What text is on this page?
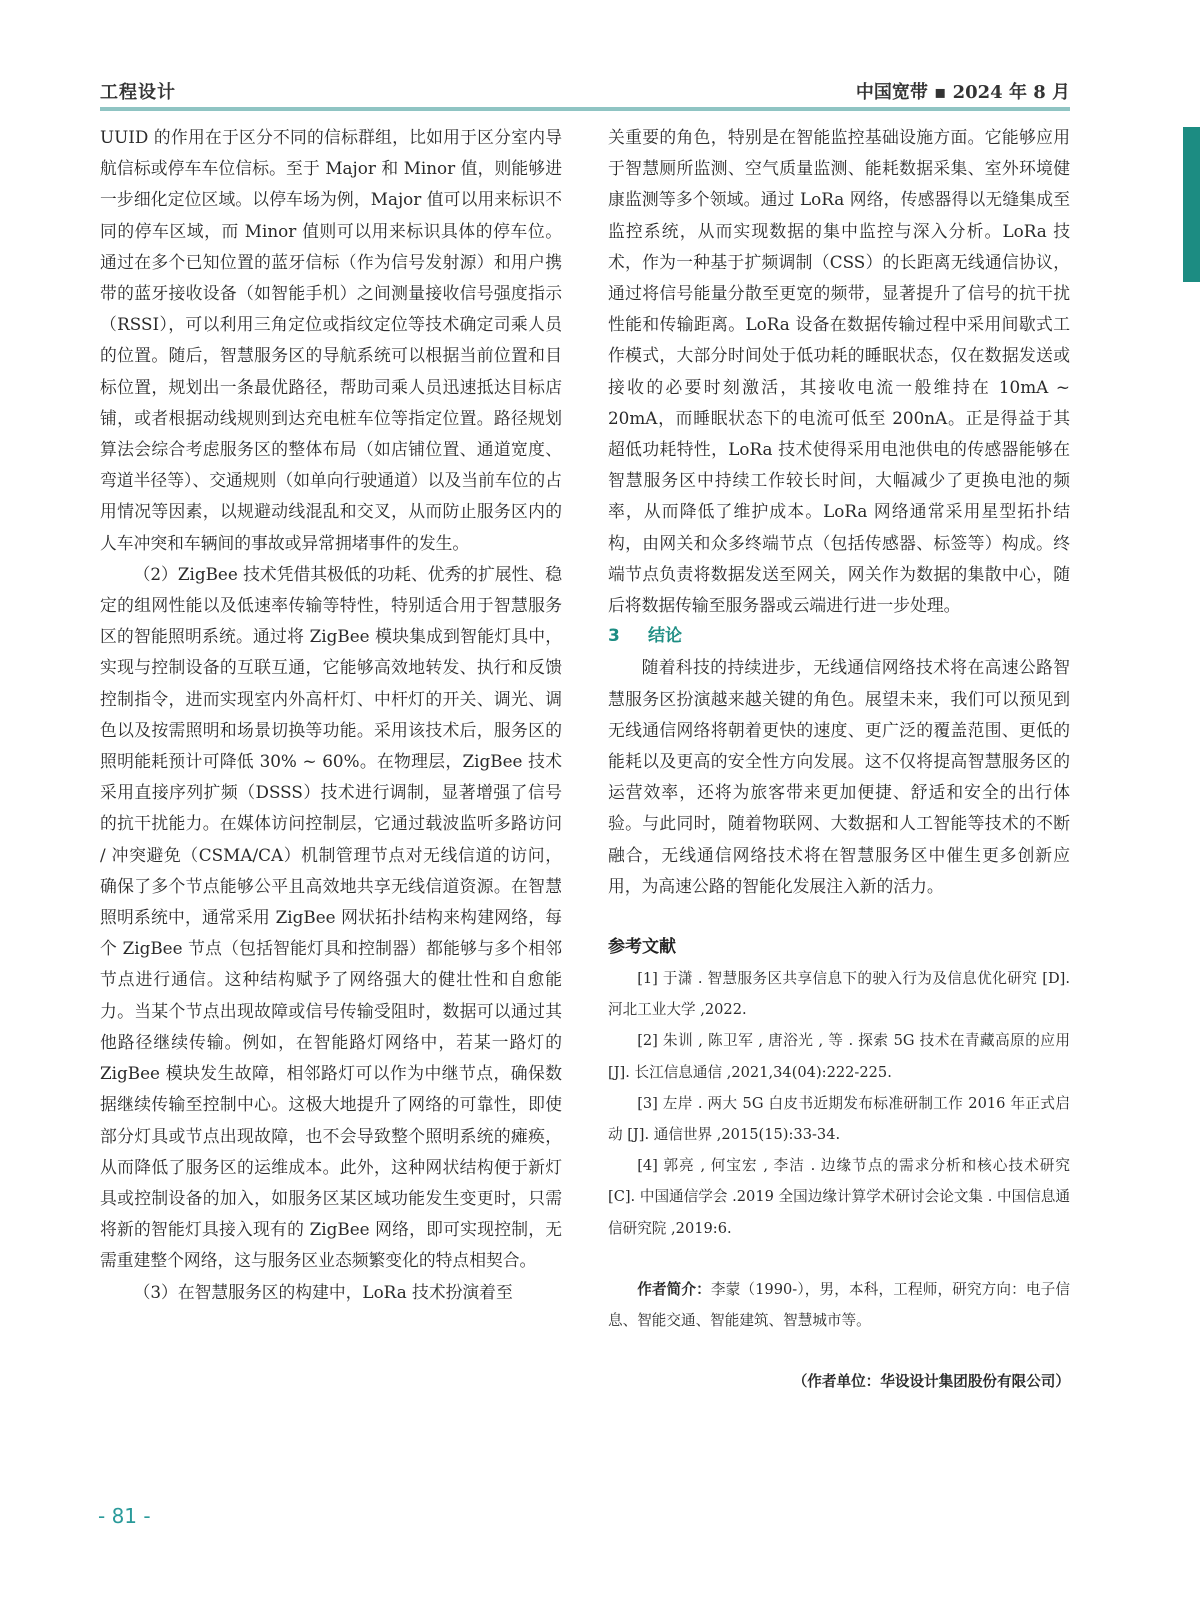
工程设计	中国宽带 ▪ 2024 年 8 月

UUID 的作用在于区分不同的信标群组，比如用于区分室内导航信标或停车车位信标。至于 Major 和 Minor 值，则能够进一步细化定位区域。以停车场为例，Major 值可以用来标识不同的停车区域，而 Minor 值则可以用来标识具体的停车位。通过在多个已知位置的蓝牙信标（作为信号发射源）和用户携带的蓝牙接收设备（如智能手机）之间测量接收信号强度指示（RSSI），可以利用三角定位或指纹定位等技术确定司乘人员的位置。随后，智慧服务区的导航系统可以根据当前位置和目标位置，规划出一条最优路径，帮助司乘人员迅速抵达目标店铺，或者根据动线规则到达充电桩车位等指定位置。路径规划算法会综合考虑服务区的整体布局（如店铺位置、通道宽度、弯道半径等）、交通规则（如单向行驶通道）以及当前车位的占用情况等因素，以规避动线混乱和交叉，从而防止服务区内的人车冲突和车辆间的事故或异常拥堵事件的发生。

（2）ZigBee 技术凭借其极低的功耗、优秀的扩展性、稳定的组网性能以及低速率传输等特性，特别适合用于智慧服务区的智能照明系统。通过将 ZigBee 模块集成到智能灯具中，实现与控制设备的互联互通，它能够高效地转发、执行和反馈控制指令，进而实现室内外高杆灯、中杆灯的开关、调光、调色以及按需照明和场景切换等功能。采用该技术后，服务区的照明能耗预计可降低 30% ~ 60%。在物理层，ZigBee 技术采用直接序列扩频（DSSS）技术进行调制，显著增强了信号的抗干扰能力。在媒体访问控制层，它通过载波监听多路访问 / 冲突避免（CSMA/CA）机制管理节点对无线信道的访问，确保了多个节点能够公平且高效地共享无线信道资源。在智慧照明系统中，通常采用 ZigBee 网状拓扑结构来构建网络，每个 ZigBee 节点（包括智能灯具和控制器）都能够与多个相邻节点进行通信。这种结构赋予了网络强大的健壮性和自愈能力。当某个节点出现故障或信号传输受阻时，数据可以通过其他路径继续传输。例如，在智能路灯网络中，若某一路灯的 ZigBee 模块发生故障，相邻路灯可以作为中继节点，确保数据继续传输至控制中心。这极大地提升了网络的可靠性，即使部分灯具或节点出现故障，也不会导致整个照明系统的瘫痪，从而降低了服务区的运维成本。此外，这种网状结构便于新灯具或控制设备的加入，如服务区某区域功能发生变更时，只需将新的智能灯具接入现有的 ZigBee 网络，即可实现控制，无需重建整个网络，这与服务区业态频繁变化的特点相契合。

（3）在智慧服务区的构建中，LoRa 技术扮演着至

关重要的角色，特别是在智能监控基础设施方面。它能够应用于智慧厕所监测、空气质量监测、能耗数据采集、室外环境健康监测等多个领域。通过 LoRa 网络，传感器得以无缝集成至监控系统，从而实现数据的集中监控与深入分析。LoRa 技术，作为一种基于扩频调制（CSS）的长距离无线通信协议，通过将信号能量分散至更宽的频带，显著提升了信号的抗干扰性能和传输距离。LoRa 设备在数据传输过程中采用间歇式工作模式，大部分时间处于低功耗的睡眠状态，仅在数据发送或接收的必要时刻激活，其接收电流一般维持在 10mA ~ 20mA，而睡眠状态下的电流可低至 200nA。正是得益于其超低功耗特性，LoRa 技术使得采用电池供电的传感器能够在智慧服务区中持续工作较长时间，大幅减少了更换电池的频率，从而降低了维护成本。LoRa 网络通常采用星型拓扑结构，由网关和众多终端节点（包括传感器、标签等）构成。终端节点负责将数据发送至网关，网关作为数据的集散中心，随后将数据传输至服务器或云端进行进一步处理。

3 结论

随着科技的持续进步，无线通信网络技术将在高速公路智慧服务区扮演越来越关键的角色。展望未来，我们可以预见到无线通信网络将朝着更快的速度、更广泛的覆盖范围、更低的能耗以及更高的安全性方向发展。这不仅将提高智慧服务区的运营效率，还将为旅客带来更加便捷、舒适和安全的出行体验。与此同时，随着物联网、大数据和人工智能等技术的不断融合，无线通信网络技术将在智慧服务区中催生更多创新应用，为高速公路的智能化发展注入新的活力。

参考文献

[1] 于潇 . 智慧服务区共享信息下的驶入行为及信息优化研究 [D]. 河北工业大学 ,2022.

[2] 朱训 , 陈卫军 , 唐浴光 , 等 . 探索 5G 技术在青藏高原的应用 [J]. 长江信息通信 ,2021,34(04):222-225.

[3] 左岸 . 两大 5G 白皮书近期发布标准研制工作 2016 年正式启动 [J]. 通信世界 ,2015(15):33-34.

[4] 郭亮 , 何宝宏 , 李洁 . 边缘节点的需求分析和核心技术研究 [C]. 中国通信学会 .2019 全国边缘计算学术研讨会论文集 . 中国信息通信研究院 ,2019:6.

作者简介：李蒙（1990-），男，本科，工程师，研究方向：电子信息、智能交通、智能建筑、智慧城市等。
（作者单位：华设设计集团股份有限公司）
- 81 -
